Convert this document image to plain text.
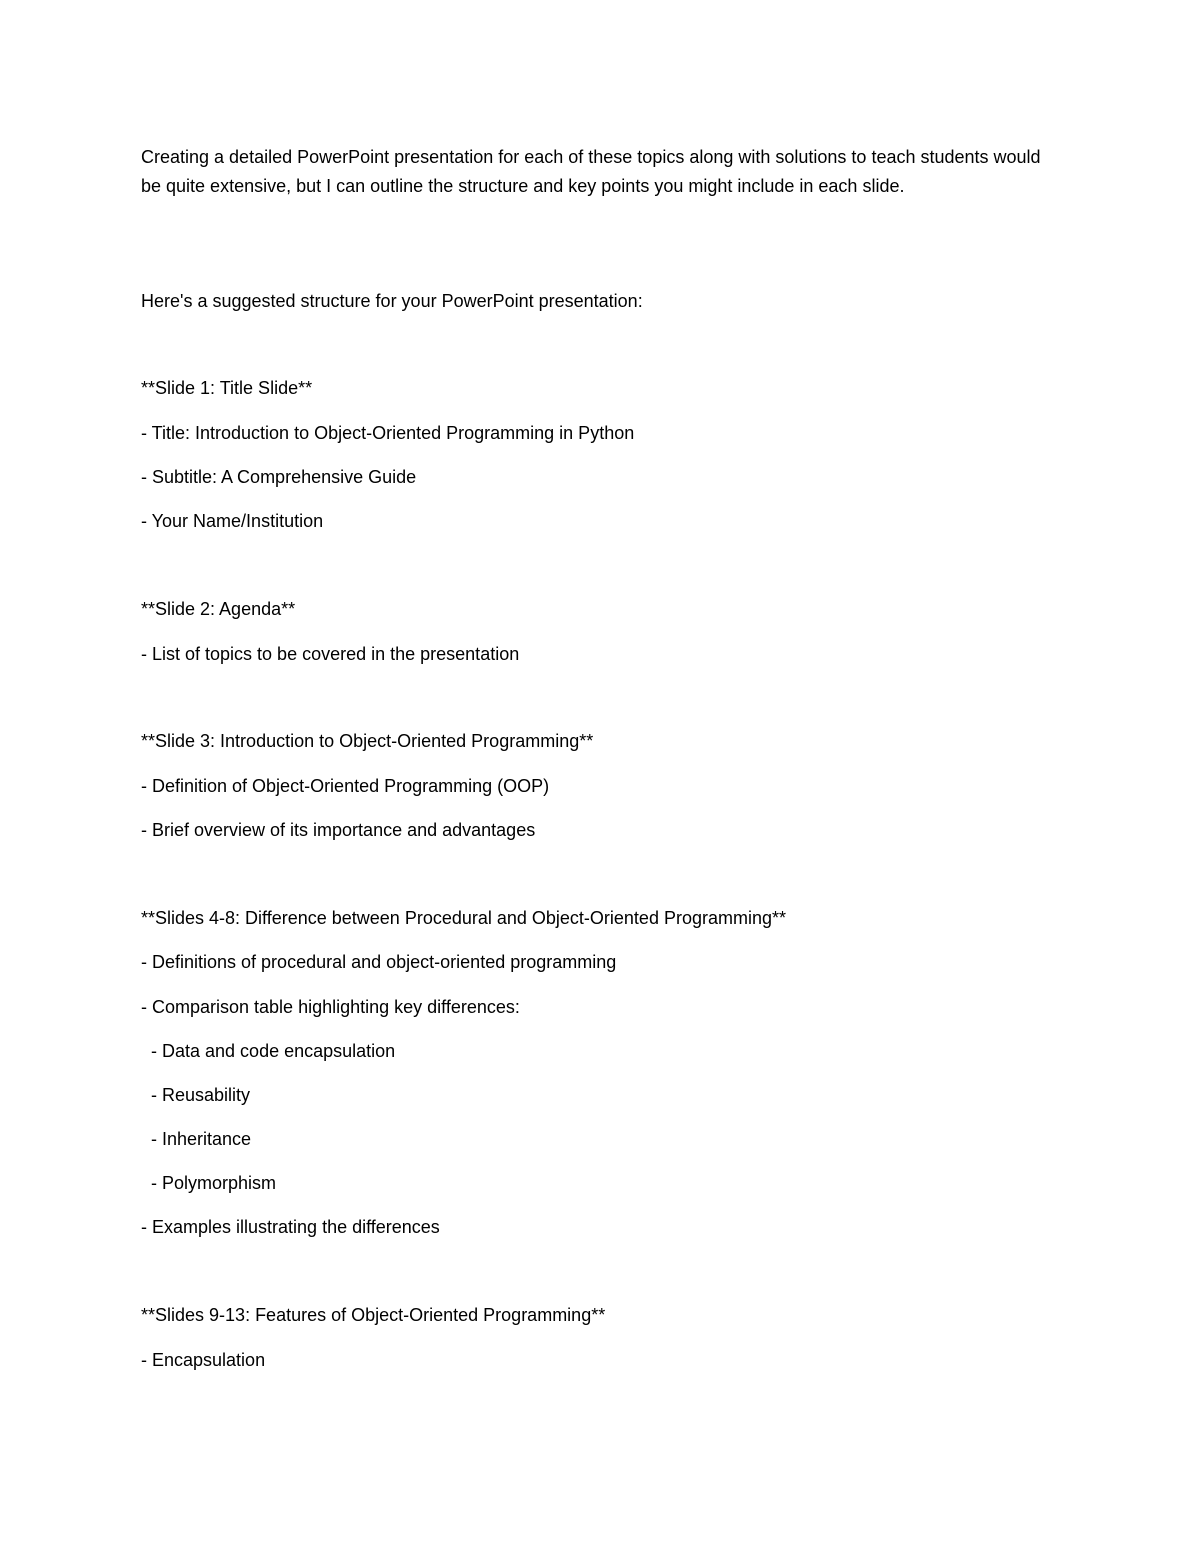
Creating a detailed PowerPoint presentation for each of these topics along with solutions to teach students would be quite extensive, but I can outline the structure and key points you might include in each slide.

Here's a suggested structure for your PowerPoint presentation:

**Slide 1: Title Slide**

- Title: Introduction to Object-Oriented Programming in Python

- Subtitle: A Comprehensive Guide

- Your Name/Institution

**Slide 2: Agenda**

- List of topics to be covered in the presentation

**Slide 3: Introduction to Object-Oriented Programming**

- Definition of Object-Oriented Programming (OOP)

- Brief overview of its importance and advantages

**Slides 4-8: Difference between Procedural and Object-Oriented Programming**

- Definitions of procedural and object-oriented programming

- Comparison table highlighting key differences:

- Data and code encapsulation

- Reusability

- Inheritance

- Polymorphism

- Examples illustrating the differences

**Slides 9-13: Features of Object-Oriented Programming**

- Encapsulation
